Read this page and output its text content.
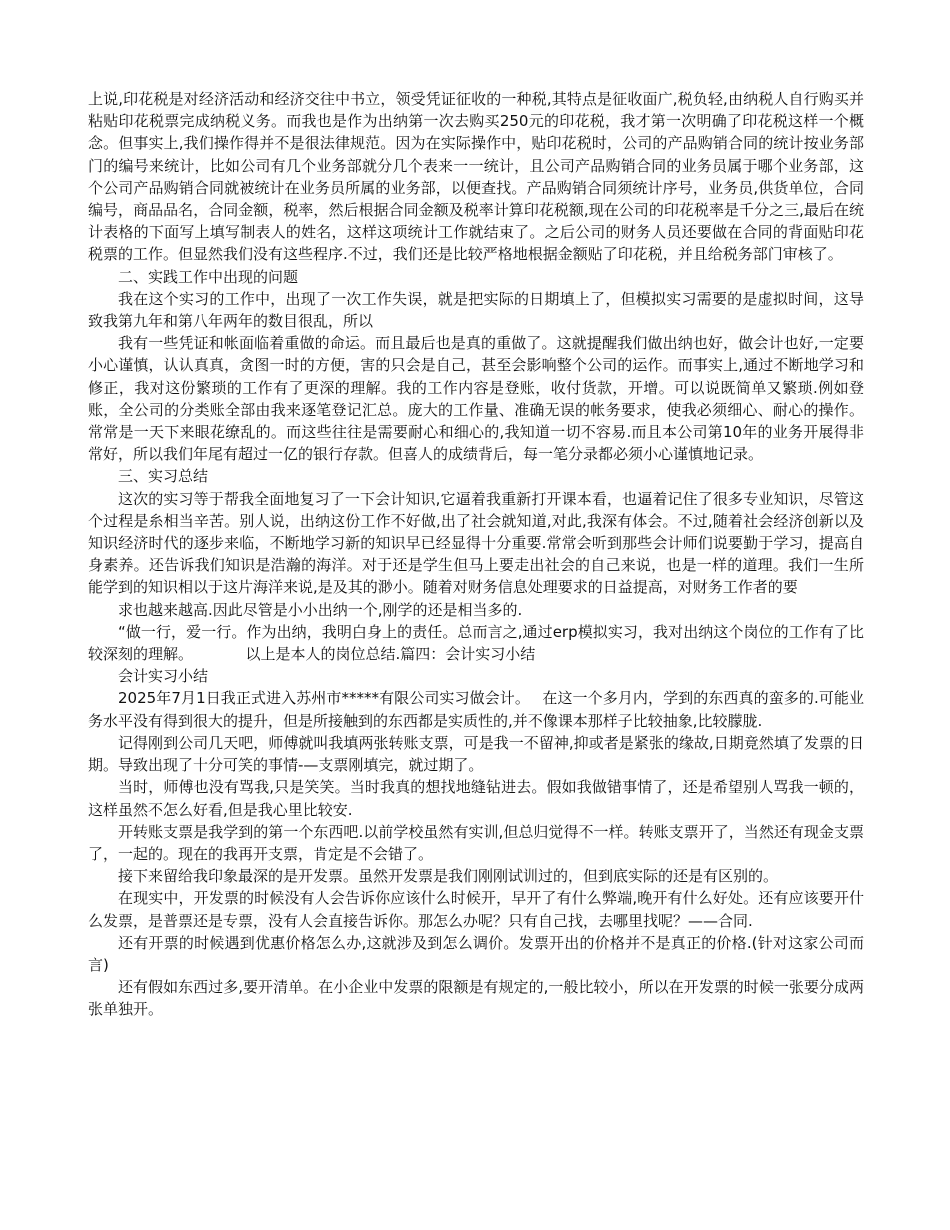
上说,印花税是对经济活动和经济交往中书立，领受凭证征收的一种税,其特点是征收面广,税负轻,由纳税人自行购买并粘贴印花税票完成纳税义务。而我也是作为出纳第一次去购买250元的印花税，我才第一次明确了印花税这样一个概念。但事实上,我们操作得并不是很法律规范。因为在实际操作中，贴印花税时，公司的产品购销合同的统计按业务部门的编号来统计，比如公司有几个业务部就分几个表来一一统计，且公司产品购销合同的业务员属于哪个业务部，这个公司产品购销合同就被统计在业务员所属的业务部，以便查找。产品购销合同须统计序号，业务员,供货单位，合同编号，商品品名，合同金额，税率，然后根据合同金额及税率计算印花税额,现在公司的印花税率是千分之三,最后在统计表格的下面写上填写制表人的姓名，这样这项统计工作就结束了。之后公司的财务人员还要做在合同的背面贴印花税票的工作。但显然我们没有这些程序.不过，我们还是比较严格地根据金额贴了印花税，并且给税务部门审核了。

二、实践工作中出现的问题

我在这个实习的工作中，出现了一次工作失误，就是把实际的日期填上了，但模拟实习需要的是虚拟时间，这导致我第九年和第八年两年的数目很乱，所以

我有一些凭证和帐面临着重做的命运。而且最后也是真的重做了。这就提醒我们做出纳也好，做会计也好,一定要小心谨慎，认认真真，贪图一时的方便，害的只会是自己，甚至会影响整个公司的运作。而事实上,通过不断地学习和修正，我对这份繁琐的工作有了更深的理解。我的工作内容是登账，收付货款，开增。可以说既简单又繁琐.例如登账，全公司的分类账全部由我来逐笔登记汇总。庞大的工作量、准确无误的帐务要求，使我必须细心、耐心的操作。常常是一天下来眼花缭乱的。而这些往往是需要耐心和细心的,我知道一切不容易.而且本公司第10年的业务开展得非常好，所以我们年尾有超过一亿的银行存款。但喜人的成绩背后，每一笔分录都必须小心谨慎地记录。

三、实习总结

这次的实习等于帮我全面地复习了一下会计知识,它逼着我重新打开课本看，也逼着记住了很多专业知识，尽管这个过程是糸相当辛苦。别人说，出纳这份工作不好做,出了社会就知道,对此,我深有体会。不过,随着社会经济创新以及知识经济时代的逐步来临，不断地学习新的知识早已经显得十分重要.常常会听到那些会计师们说要勤于学习，提高自身素养。还告诉我们知识是浩瀚的海洋。对于还是学生但马上要走出社会的自己来说，也是一样的道理。我们一生所能学到的知识相以于这片海洋来说,是及其的渺小。随着对财务信息处理要求的日益提高，对财务工作者的要

求也越来越高.因此尽管是小小出纳一个,刚学的还是相当多的.

“做一行，爱一行。作为出纳，我明白身上的责任。总而言之,通过erp模拟实习，我对出纳这个岗位的工作有了比较深刻的理解。　　　　以上是本人的岗位总结.篇四：会计实习小结

会计实习小结

2025年7月1日我正式进入苏州市*****有限公司实习做会计。　 在这一个多月内，学到的东西真的蛮多的.可能业务水平没有得到很大的提升，但是所接触到的东西都是实质性的,并不像课本那样子比较抽象,比较朦胧.

记得刚到公司几天吧，师傅就叫我填两张转账支票，可是我一不留神,抑或者是紧张的缘故,日期竟然填了发票的日期。导致出现了十分可笑的事情-—支票刚填完，就过期了。

当时，师傅也没有骂我,只是笑笑。当时我真的想找地缝钻进去。假如我做错事情了，还是希望别人骂我一顿的，这样虽然不怎么好看,但是我心里比较安.

开转账支票是我学到的第一个东西吧.以前学校虽然有实训,但总归觉得不一样。转账支票开了，当然还有现金支票了，一起的。现在的我再开支票，肯定是不会错了。

接下来留给我印象最深的是开发票。虽然开发票是我们刚刚试训过的，但到底实际的还是有区别的。

在现实中，开发票的时候没有人会告诉你应该什么时候开，早开了有什么弊端,晚开有什么好处。还有应该要开什么发票，是普票还是专票，没有人会直接告诉你。那怎么办呢？只有自己找，去哪里找呢？——合同.

还有开票的时候遇到优惠价格怎么办,这就涉及到怎么调价。发票开出的价格并不是真正的价格.(针对这家公司而言)

还有假如东西过多,要开清单。在小企业中发票的限额是有规定的,一般比较小，所以在开发票的时候一张要分成两张单独开。
